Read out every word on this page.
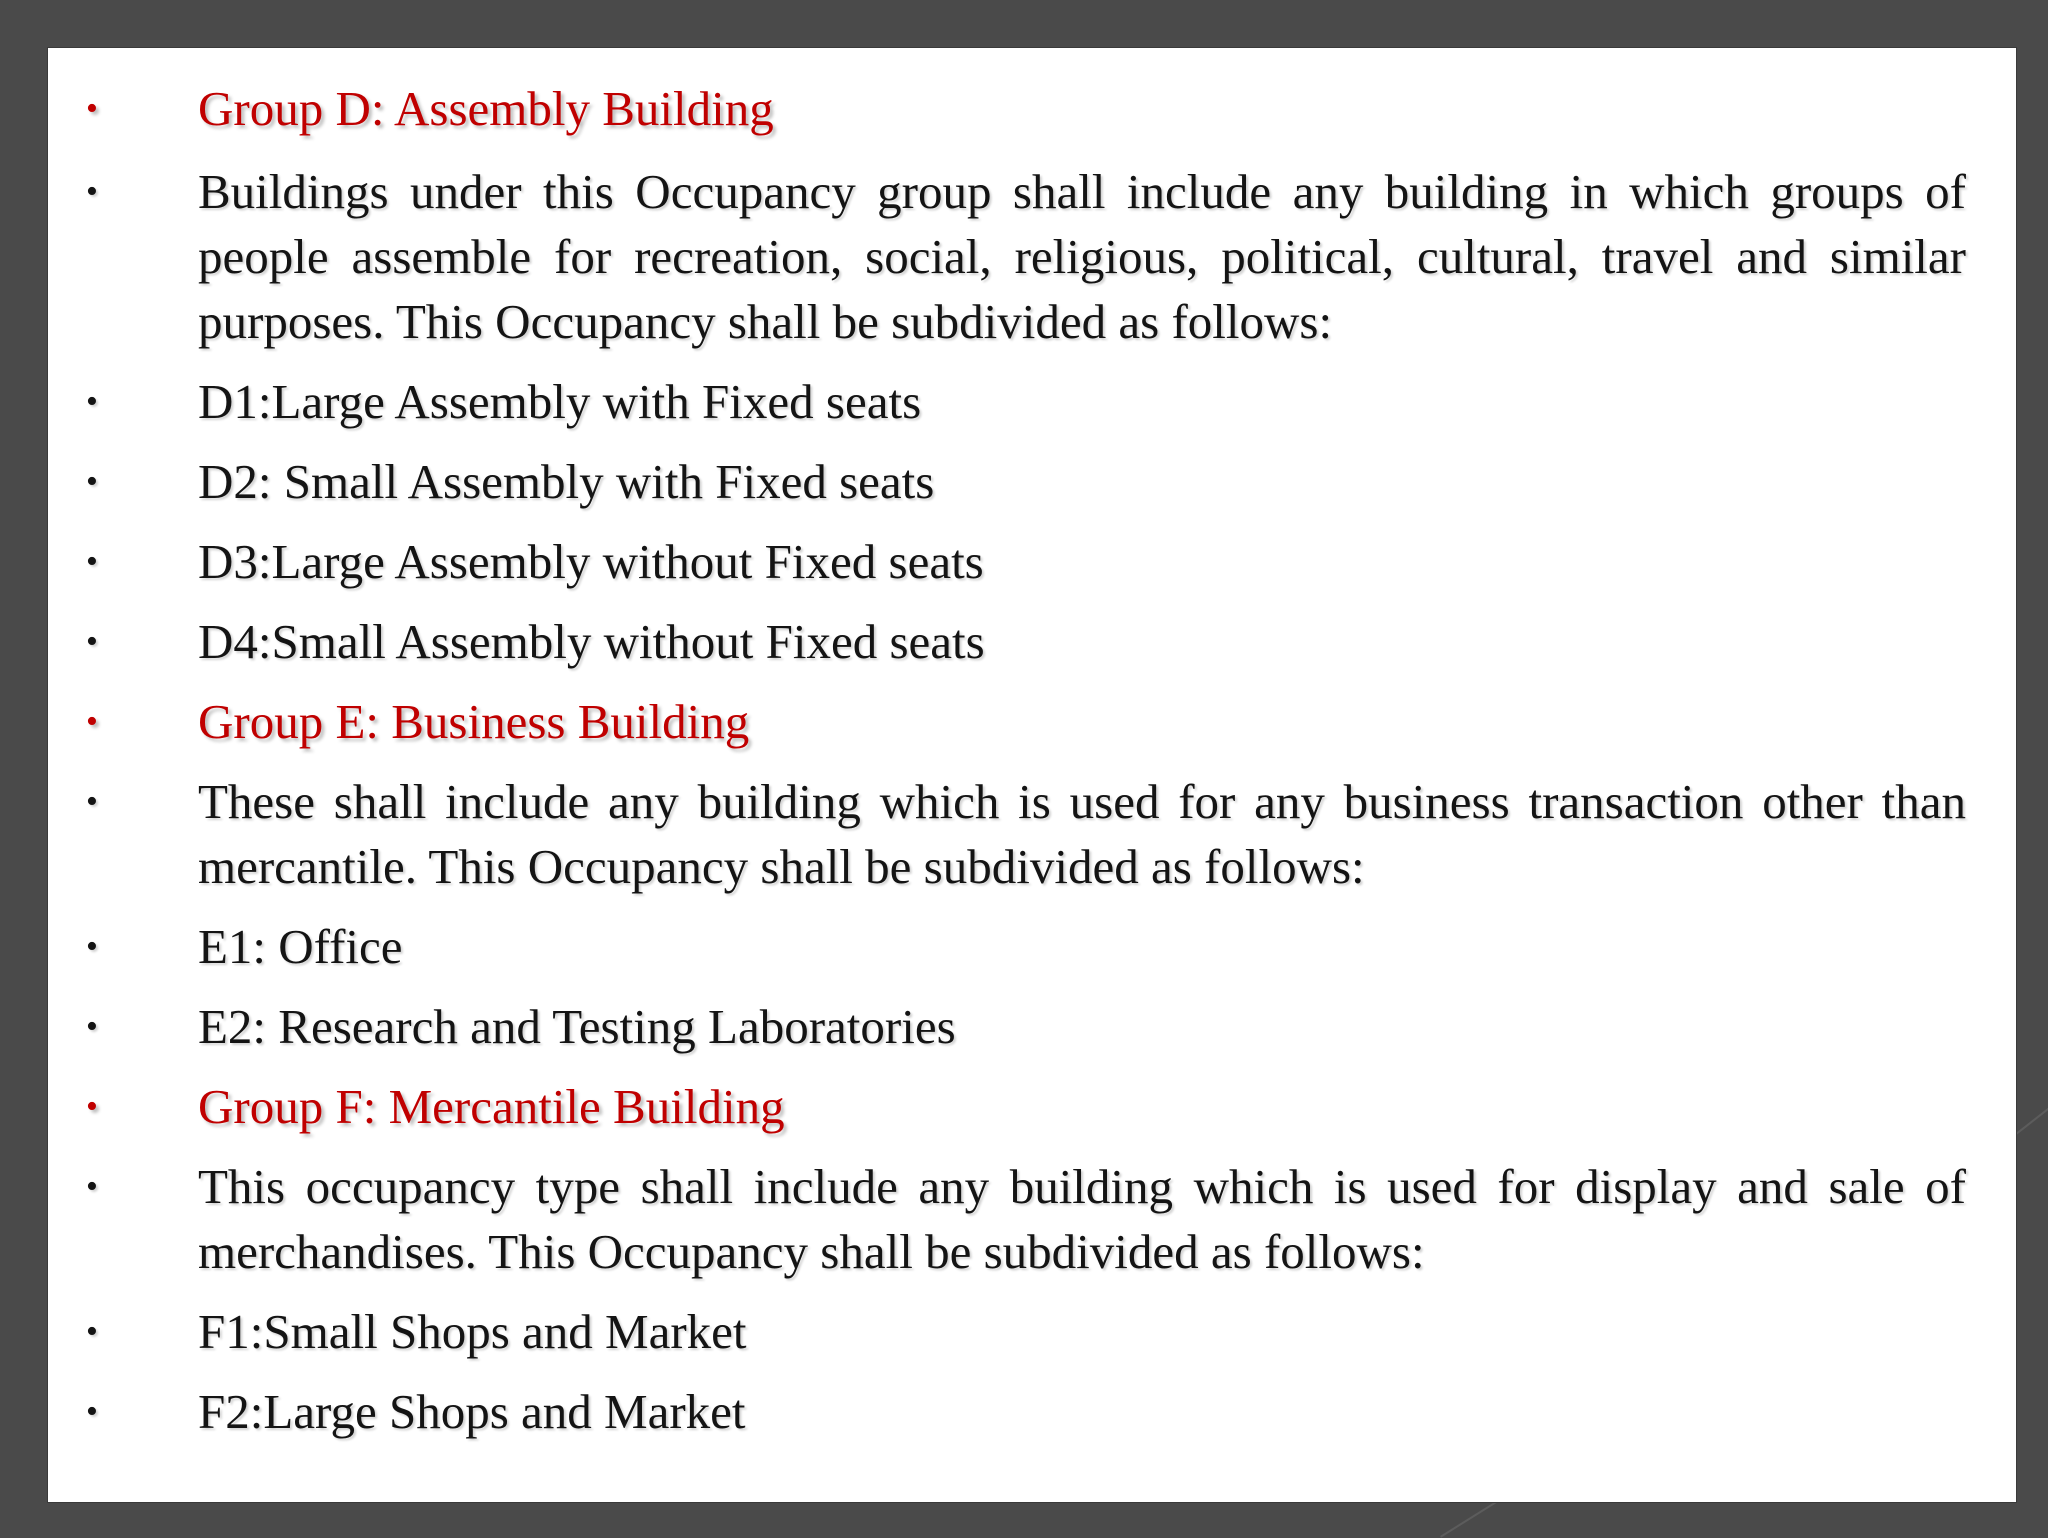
•	Group D: Assembly Building
•	Buildings under this Occupancy group shall include any building in which groups of people assemble for recreation, social, religious, political, cultural, travel and similar purposes. This Occupancy shall be subdivided as follows:
•	D1:Large Assembly with Fixed seats
•	D2: Small Assembly with Fixed seats
•	D3:Large Assembly without Fixed seats
•	D4:Small Assembly without Fixed seats
•	Group E: Business Building
•	These shall include any building which is used for any business transaction other than mercantile. This Occupancy shall be subdivided as follows:
•	E1: Office
•	E2: Research and Testing Laboratories
•	Group F: Mercantile Building
•	This occupancy type shall include any building which is used for display and sale of merchandises. This Occupancy shall be subdivided as follows:
•	F1:Small Shops and Market
•	F2:Large Shops and Market
